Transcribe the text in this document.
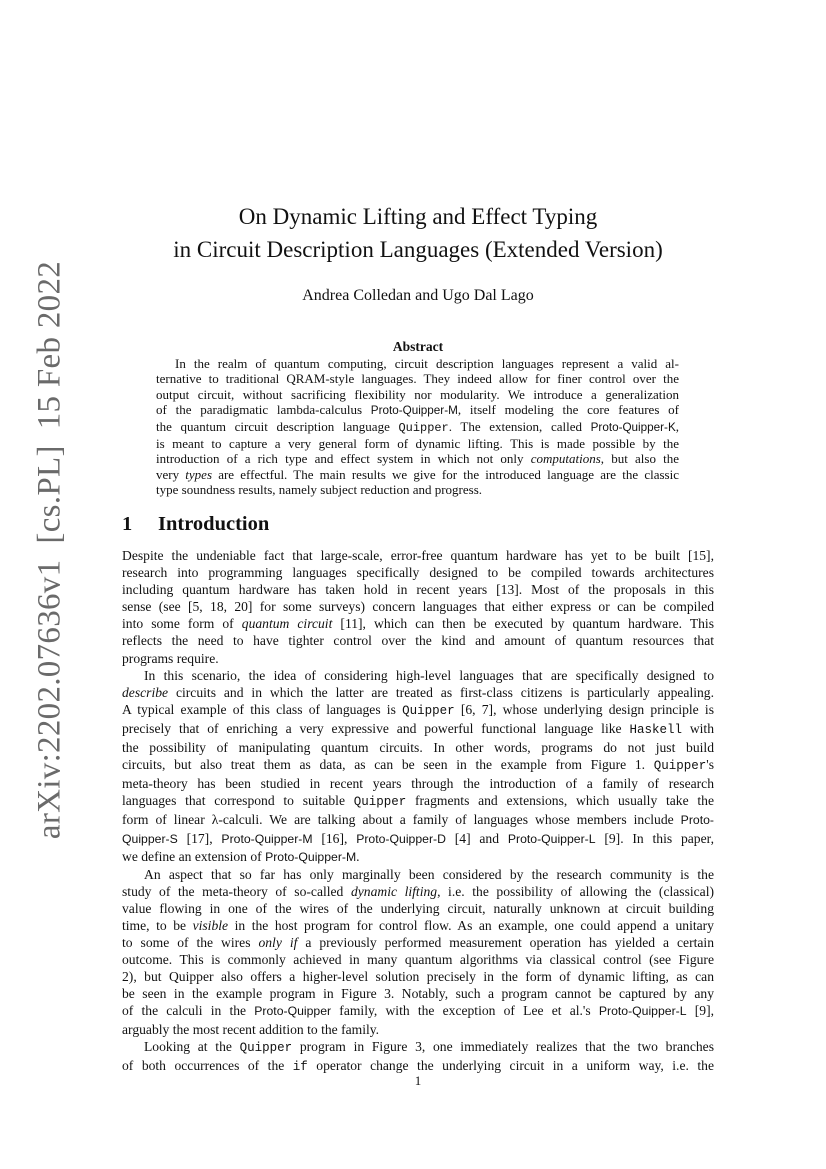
arXiv:2202.07636v1[cs.PL]15 Feb 2022
On Dynamic Lifting and Effect Typing
in Circuit Description Languages (Extended Version)
Andrea Colledan and Ugo Dal Lago
Abstract
In the realm of quantum computing, circuit description languages represent a valid al-
ternative to traditional QRAM-style languages. They indeed allow for finer control over the
output circuit, without sacrificing flexibility nor modularity. We introduce a generalization
of the paradigmatic lambda-calculus Proto-Quipper-M, itself modeling the core features of
the quantum circuit description language Quipper. The extension, called Proto-Quipper-K,
is meant to capture a very general form of dynamic lifting. This is made possible by the
introduction of a rich type and effect system in which not only computations, but also the
very types are effectful. The main results we give for the introduced language are the classic
type soundness results, namely subject reduction and progress.
1 Introduction

Despite the undeniable fact that large-scale, error-free quantum hardware has yet to be built [15],
research into programming languages specifically designed to be compiled towards architectures
including quantum hardware has taken hold in recent years [13]. Most of the proposals in this
sense (see [5, 18, 20] for some surveys) concern languages that either express or can be compiled
into some form of quantum circuit [11], which can then be executed by quantum hardware. This
reflects the need to have tighter control over the kind and amount of quantum resources that
programs require.

In this scenario, the idea of considering high-level languages that are specifically designed to
describe circuits and in which the latter are treated as first-class citizens is particularly appealing.
A typical example of this class of languages is Quipper [6, 7], whose underlying design principle is
precisely that of enriching a very expressive and powerful functional language like Haskell with
the possibility of manipulating quantum circuits. In other words, programs do not just build
circuits, but also treat them as data, as can be seen in the example from Figure 1. Quipper's
meta-theory has been studied in recent years through the introduction of a family of research
languages that correspond to suitable Quipper fragments and extensions, which usually take the
form of linear λ-calculi. We are talking about a family of languages whose members include Proto-
Quipper-S [17], Proto-Quipper-M [16], Proto-Quipper-D [4] and Proto-Quipper-L [9]. In this paper,
we define an extension of Proto-Quipper-M.

An aspect that so far has only marginally been considered by the research community is the
study of the meta-theory of so-called dynamic lifting, i.e. the possibility of allowing the (classical)
value flowing in one of the wires of the underlying circuit, naturally unknown at circuit building
time, to be visible in the host program for control flow. As an example, one could append a unitary
to some of the wires only if a previously performed measurement operation has yielded a certain
outcome. This is commonly achieved in many quantum algorithms via classical control (see Figure
2), but Quipper also offers a higher-level solution precisely in the form of dynamic lifting, as can
be seen in the example program in Figure 3. Notably, such a program cannot be captured by any
of the calculi in the Proto-Quipper family, with the exception of Lee et al.'s Proto-Quipper-L [9],
arguably the most recent addition to the family.

Looking at the Quipper program in Figure 3, one immediately realizes that the two branches
of both occurrences of the if operator change the underlying circuit in a uniform way, i.e. the

1
